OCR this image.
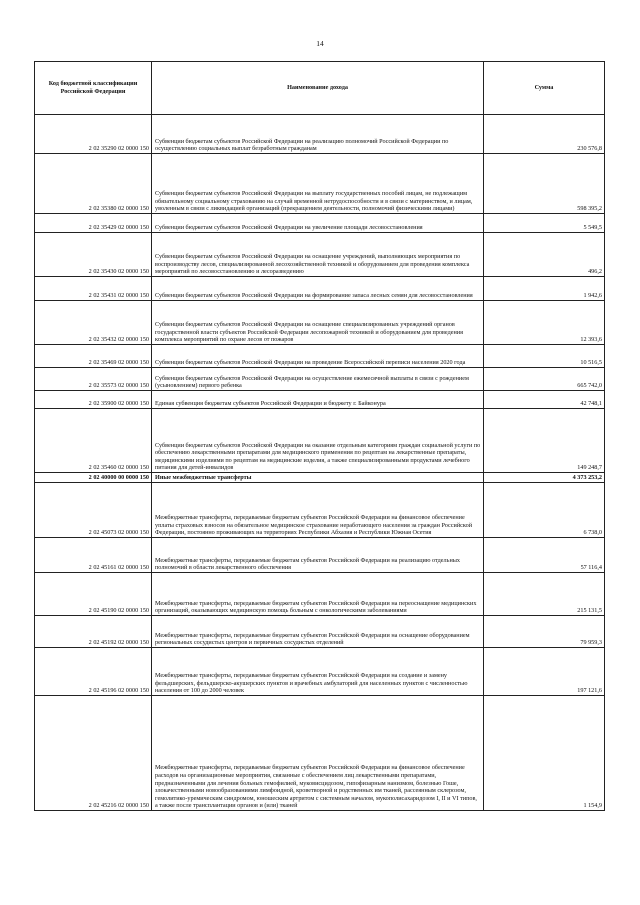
14
Код бюджетной классификации Российской Федерации	Наименование дохода	Сумма
2 02 35290 02 0000 150	Субвенции бюджетам субъектов Российской Федерации на реализацию полномочий Российской Федерации по осуществлению социальных выплат безработным гражданам	230 576,8
2 02 35380 02 0000 150	Субвенции бюджетам субъектов Российской Федерации на выплату государственных пособий лицам, не подлежащим обязательному социальному страхованию на случай временной нетрудоспособности и в связи с материнством, и лицам, уволенным в связи с ликвидацией организаций (прекращением деятельности, полномочий физическими лицами)	598 395,2
2 02 35429 02 0000 150	Субвенции бюджетам субъектов Российской Федерации на увеличение площади лесовосстановления	5 549,5
2 02 35430 02 0000 150	Субвенции бюджетам субъектов Российской Федерации на оснащение учреждений, выполняющих мероприятия по воспроизводству лесов, специализированной лесохозяйственной техникой и оборудованием для проведения комплекса мероприятий по лесовосстановлению и лесоразведению	496,2
2 02 35431 02 0000 150	Субвенции бюджетам субъектов Российской Федерации на формирование запаса лесных семян для лесовосстановления	1 942,6
2 02 35432 02 0000 150	Субвенции бюджетам субъектов Российской Федерации на оснащение специализированных учреждений органов государственной власти субъектов Российской Федерации лесопожарной техникой и оборудованием для проведения комплекса мероприятий по охране лесов от пожаров	12 393,6
2 02 35469 02 0000 150	Субвенции бюджетам субъектов Российской Федерации на проведение Всероссийской переписи населения 2020 года	10 516,5
2 02 35573 02 0000 150	Субвенции бюджетам субъектов Российской Федерации на осуществление ежемесячной выплаты в связи с рождением (усыновлением) первого ребенка	665 742,0
2 02 35900 02 0000 150	Единая субвенция бюджетам субъектов Российской Федерации и бюджету г. Байконура	42 748,1
2 02 35460 02 0000 150	Субвенции бюджетам субъектов Российской Федерации на оказание отдельным категориям граждан социальной услуги по обеспечению лекарственными препаратами для медицинского применения по рецептам на лекарственные препараты, медицинскими изделиями по рецептам на медицинские изделия, а также специализированными продуктами лечебного питания для детей-инвалидов	149 248,7
2 02 40000 00 0000 150	Иные межбюджетные трансферты	4 373 253,2
2 02 45073 02 0000 150	Межбюджетные трансферты, передаваемые бюджетам субъектов Российской Федерации на финансовое обеспечение уплаты страховых взносов на обязательное медицинское страхование неработающего населения за граждан Российской Федерации, постоянно проживающих на территориях Республики Абхазия и Республики Южная Осетия	6 738,0
2 02 45161 02 0000 150	Межбюджетные трансферты, передаваемые бюджетам субъектов Российской Федерации на реализацию отдельных полномочий в области лекарственного обеспечения	57 116,4
2 02 45190 02 0000 150	Межбюджетные трансферты, передаваемые бюджетам субъектов Российской Федерации на переоснащение медицинских организаций, оказывающих медицинскую помощь больным с онкологическими заболеваниями	215 131,5
2 02 45192 02 0000 150	Межбюджетные трансферты, передаваемые бюджетам субъектов Российской Федерации на оснащение оборудованием региональных сосудистых центров и первичных сосудистых отделений	79 959,3
2 02 45196 02 0000 150	Межбюджетные трансферты, передаваемые бюджетам субъектов Российской Федерации на создание и замену фельдшерских, фельдшерско-акушерских пунктов и врачебных амбулаторий для населенных пунктов с численностью населения от 100 до 2000 человек	197 121,6
2 02 45216 02 0000 150	Межбюджетные трансферты, передаваемые бюджетам субъектов Российской Федерации на финансовое обеспечение расходов на организационные мероприятия, связанные с обеспечением лиц лекарственными препаратами, предназначенными для лечения больных гемофилией, муковисцидозом, гипофизарным нанизмом, болезнью Гоше, злокачественными новообразованиями лимфоидной, кроветворной и родственных им тканей, рассеянным склерозом, гемолитико-уремическим синдромом, юношеским артритом с системным началом, мукополисахаридозом I, II и VI типов, а также после трансплантации органов и (или) тканей	1 154,9
